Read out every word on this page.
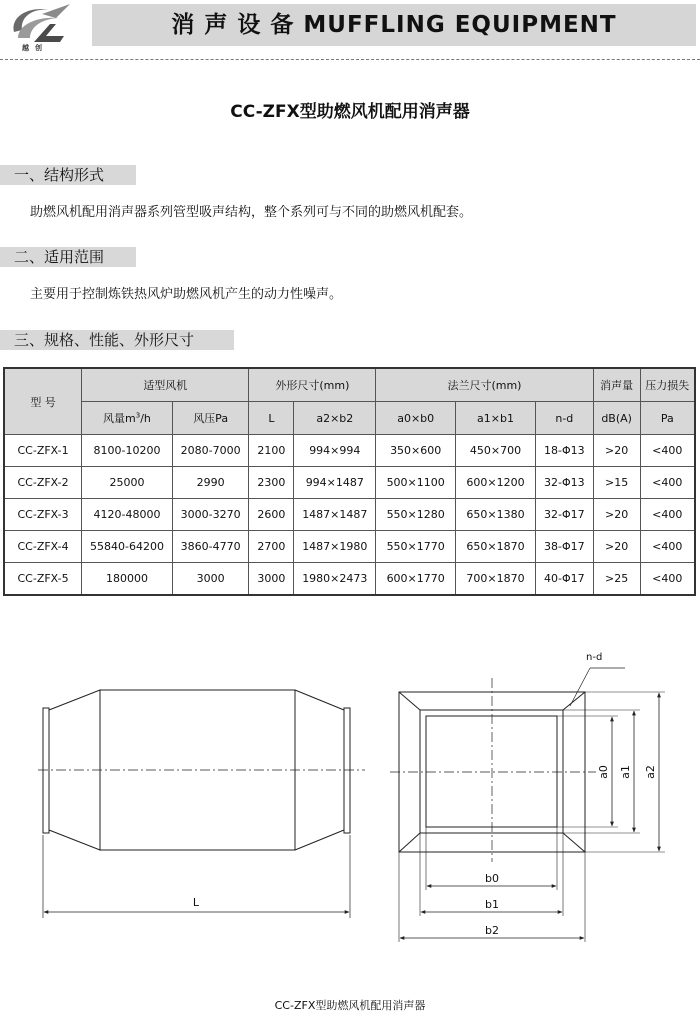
越创
消 声 设 备 MUFFLING EQUIPMENT
CC-ZFX型助燃风机配用消声器
一、结构形式
助燃风机配用消声器系列管型吸声结构，整个系列可与不同的助燃风机配套。
二、适用范围
主要用于控制炼铁热风炉助燃风机产生的动力性噪声。
三、规格、性能、外形尺寸
型 号	适型风机		外形尺寸(mm)		法兰尺寸(mm)			消声量	压力损失
	风量$m^3/h$	风压Pa	L	a2×b2	a0×b0	a1×b1	n-d	dB(A)	Pa
CC-ZFX-1	8100-10200	2080-7000	2100	994×994	350×600	450×700	18-Φ13	>20	<400
CC-ZFX-2	25000	2990	2300	994×1487	500×1100	600×1200	32-Φ13	>15	<400
CC-ZFX-3	4120-48000	3000-3270	2600	1487×1487	550×1280	650×1380	32-Φ17	>20	<400
CC-ZFX-4	55840-64200	3860-4770	2700	1487×1980	550×1770	650×1870	38-Φ17	>20	<400
CC-ZFX-5	180000	3000	3000	1980×2473	600×1770	700×1870	40-Φ17	>25	<400
L
n-d
a0 a1 a2
b0
b1
b2
CC-ZFX型助燃风机配用消声器
